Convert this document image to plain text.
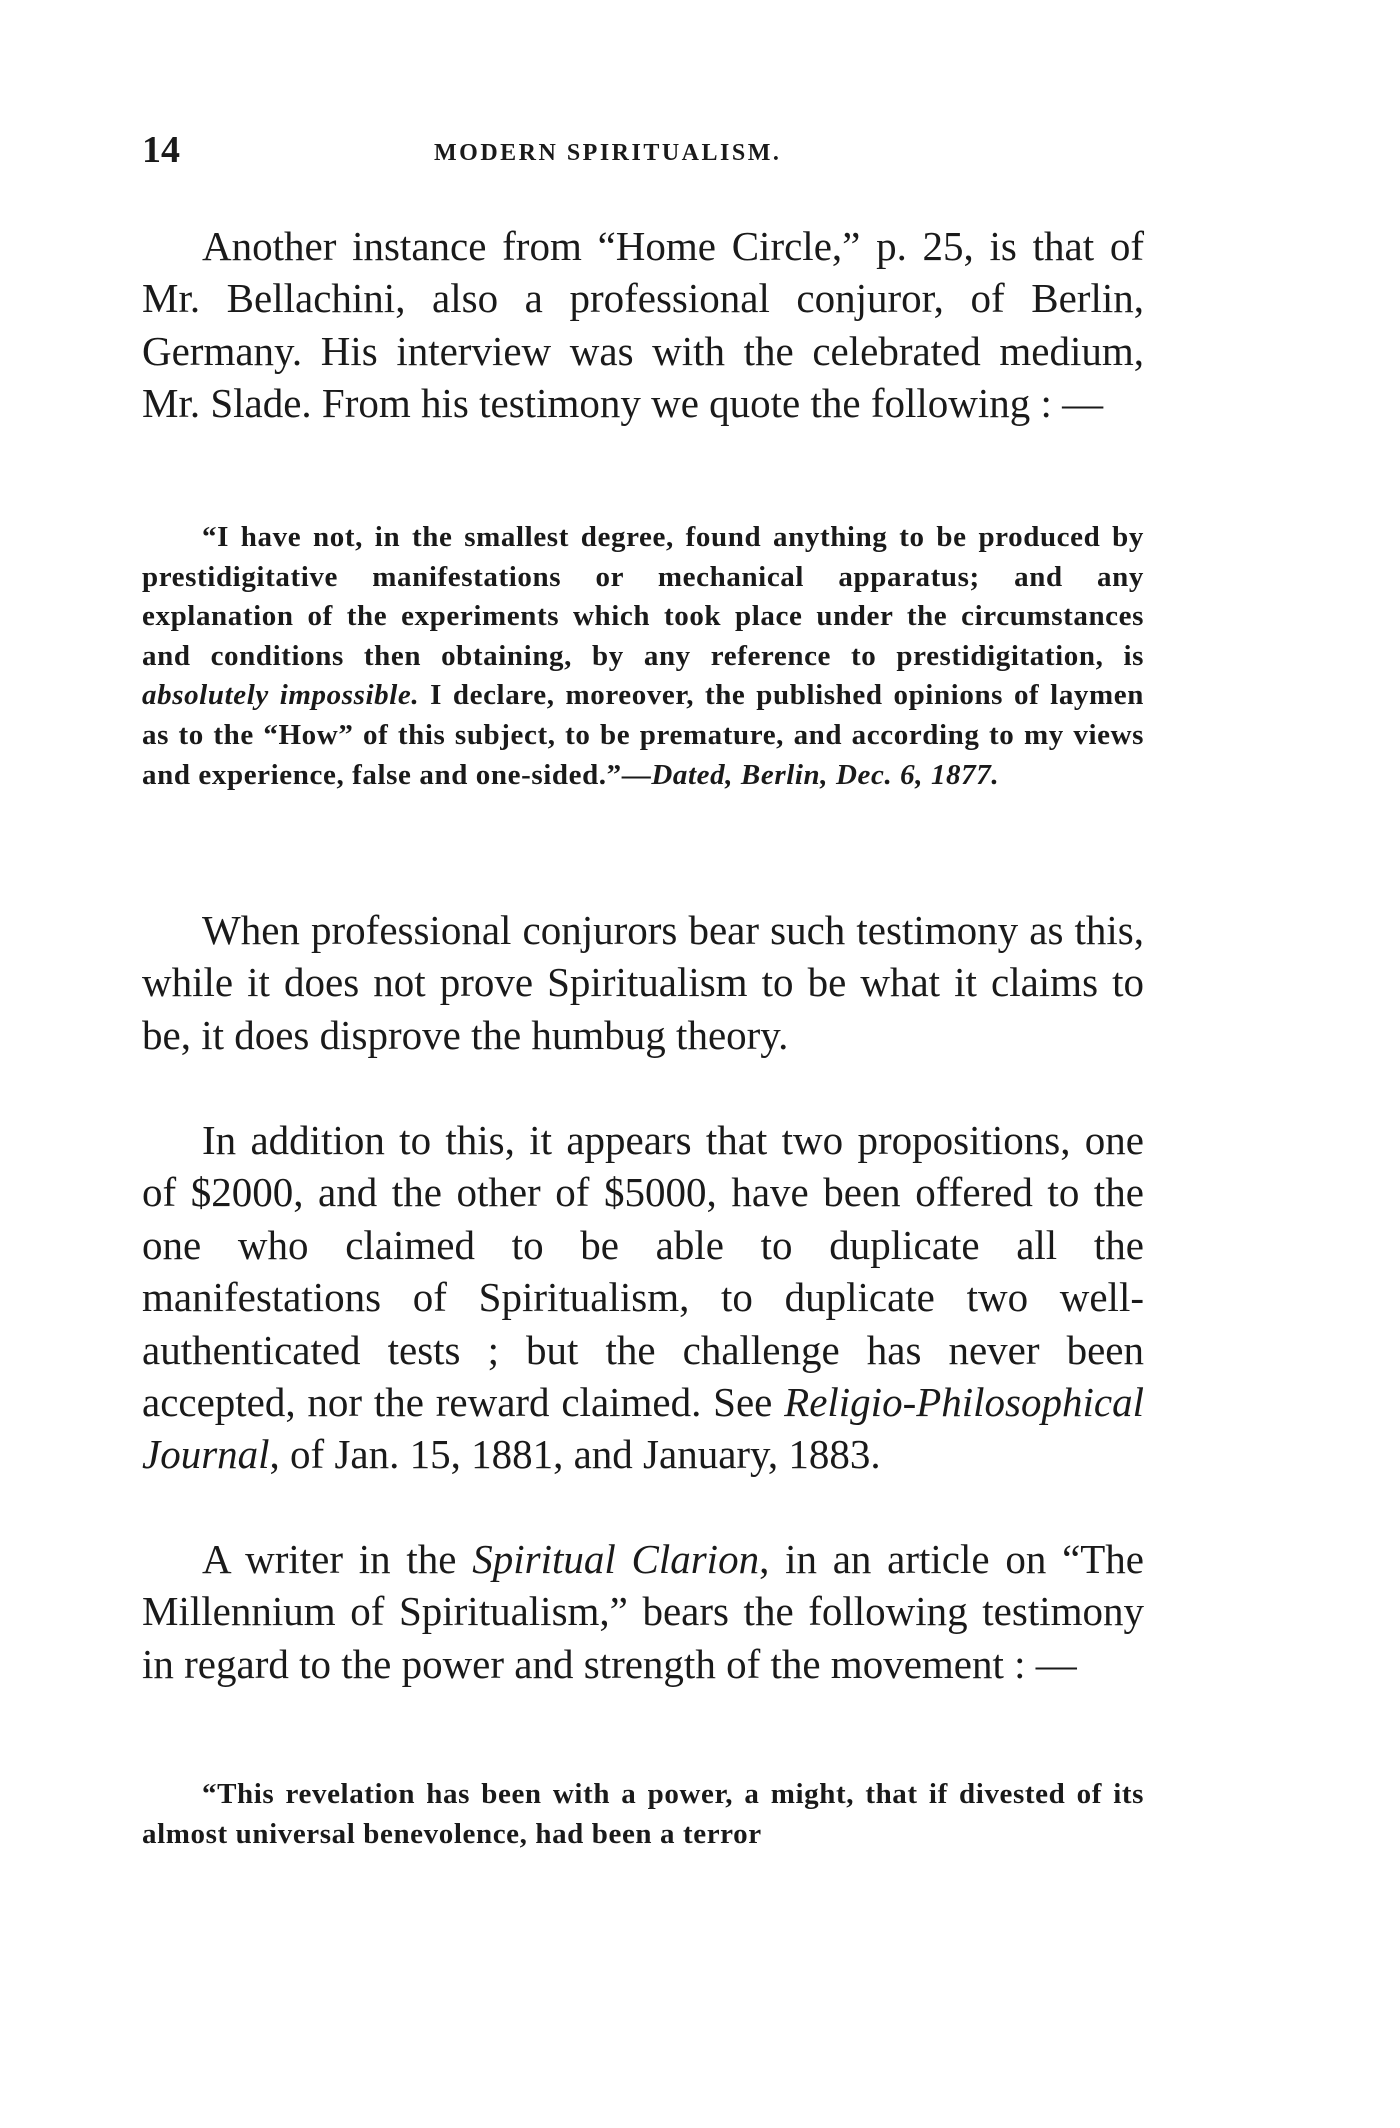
14	MODERN SPIRITUALISM.

Another instance from “Home Circle,” p. 25, is that of Mr. Bellachini, also a professional conjuror, of Berlin, Germany. His interview was with the celebrated medium, Mr. Slade. From his testimony we quote the following : —

“I have not, in the smallest degree, found anything to be produced by prestidigitative manifestations or mechanical apparatus; and any explanation of the experiments which took place under the circumstances and conditions then obtaining, by any reference to prestidigitation, is absolutely impossible. I declare, moreover, the published opinions of laymen as to the “How” of this subject, to be premature, and according to my views and experience, false and one-sided.”—Dated, Berlin, Dec. 6, 1877.

When professional conjurors bear such testimony as this, while it does not prove Spiritualism to be what it claims to be, it does disprove the humbug theory.

In addition to this, it appears that two propositions, one of $2000, and the other of $5000, have been offered to the one who claimed to be able to duplicate all the manifestations of Spiritualism, to duplicate two well-authenticated tests ; but the challenge has never been accepted, nor the reward claimed. See Religio-Philosophical Journal, of Jan. 15, 1881, and January, 1883.

A writer in the Spiritual Clarion, in an article on “The Millennium of Spiritualism,” bears the following testimony in regard to the power and strength of the movement : —

“This revelation has been with a power, a might, that if divested of its almost universal benevolence, had been a terror
